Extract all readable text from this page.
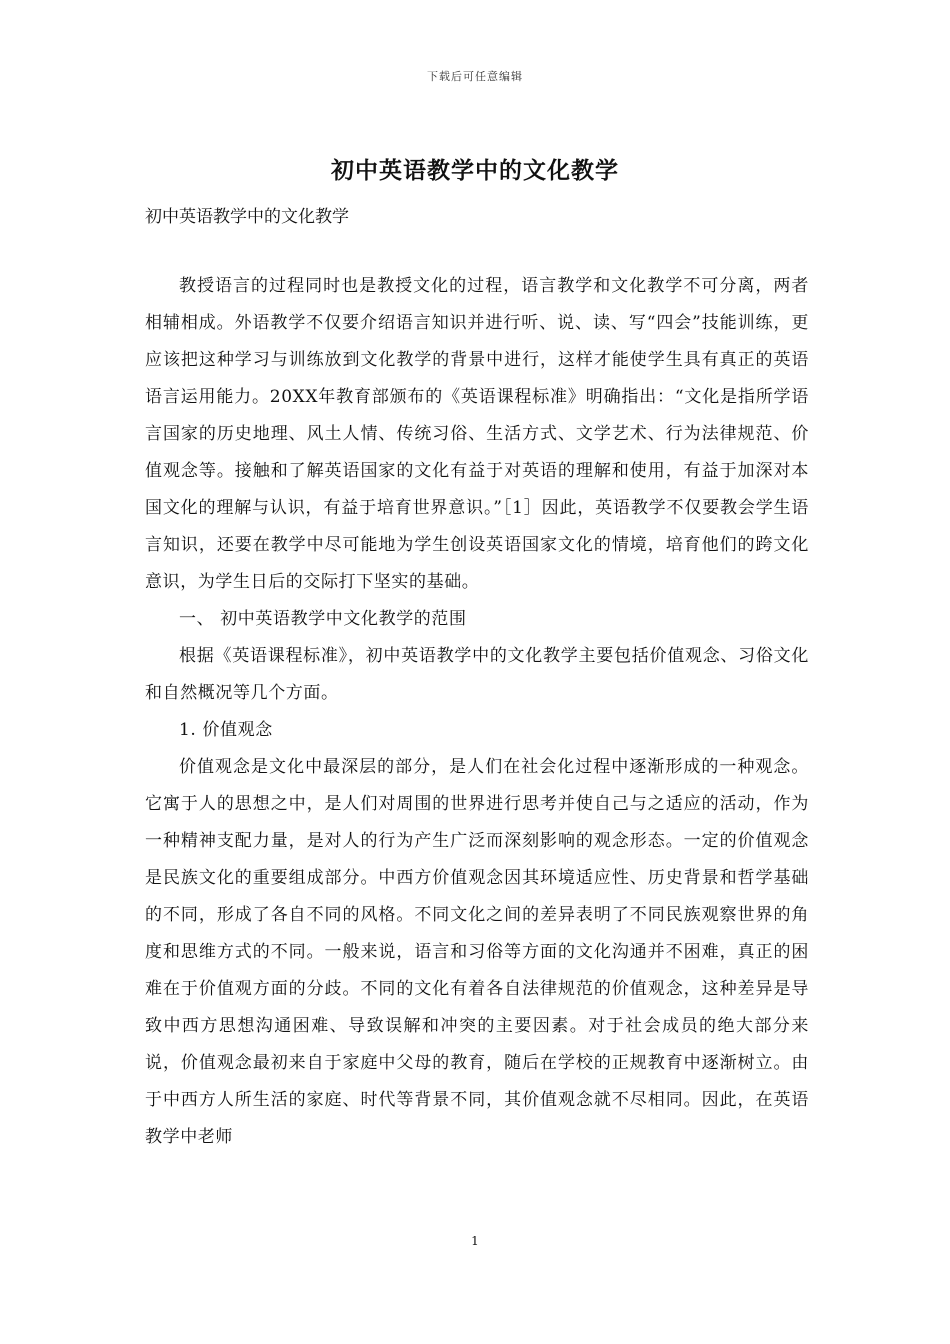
下载后可任意编辑
初中英语教学中的文化教学
初中英语教学中的文化教学

教授语言的过程同时也是教授文化的过程，语言教学和文化教学不可分离，两者相辅相成。外语教学不仅要介绍语言知识并进行听、说、读、写“四会”技能训练，更应该把这种学习与训练放到文化教学的背景中进行，这样才能使学生具有真正的英语语言运用能力。20XX年教育部颁布的《英语课程标准》明确指出：“文化是指所学语言国家的历史地理、风土人情、传统习俗、生活方式、文学艺术、行为法律规范、价值观念等。接触和了解英语国家的文化有益于对英语的理解和使用，有益于加深对本国文化的理解与认识，有益于培育世界意识。”［1］因此，英语教学不仅要教会学生语言知识，还要在教学中尽可能地为学生创设英语国家文化的情境，培育他们的跨文化意识，为学生日后的交际打下坚实的基础。

一、 初中英语教学中文化教学的范围

根据《英语课程标准》，初中英语教学中的文化教学主要包括价值观念、习俗文化和自然概况等几个方面。

1. 价值观念

价值观念是文化中最深层的部分，是人们在社会化过程中逐渐形成的一种观念。它寓于人的思想之中，是人们对周围的世界进行思考并使自己与之适应的活动，作为一种精神支配力量，是对人的行为产生广泛而深刻影响的观念形态。一定的价值观念是民族文化的重要组成部分。中西方价值观念因其环境适应性、历史背景和哲学基础的不同，形成了各自不同的风格。不同文化之间的差异表明了不同民族观察世界的角度和思维方式的不同。一般来说，语言和习俗等方面的文化沟通并不困难，真正的困难在于价值观方面的分歧。不同的文化有着各自法律规范的价值观念，这种差异是导致中西方思想沟通困难、导致误解和冲突的主要因素。对于社会成员的绝大部分来说，价值观念最初来自于家庭中父母的教育，随后在学校的正规教育中逐渐树立。由于中西方人所生活的家庭、时代等背景不同，其价值观念就不尽相同。因此，在英语教学中老师

1
